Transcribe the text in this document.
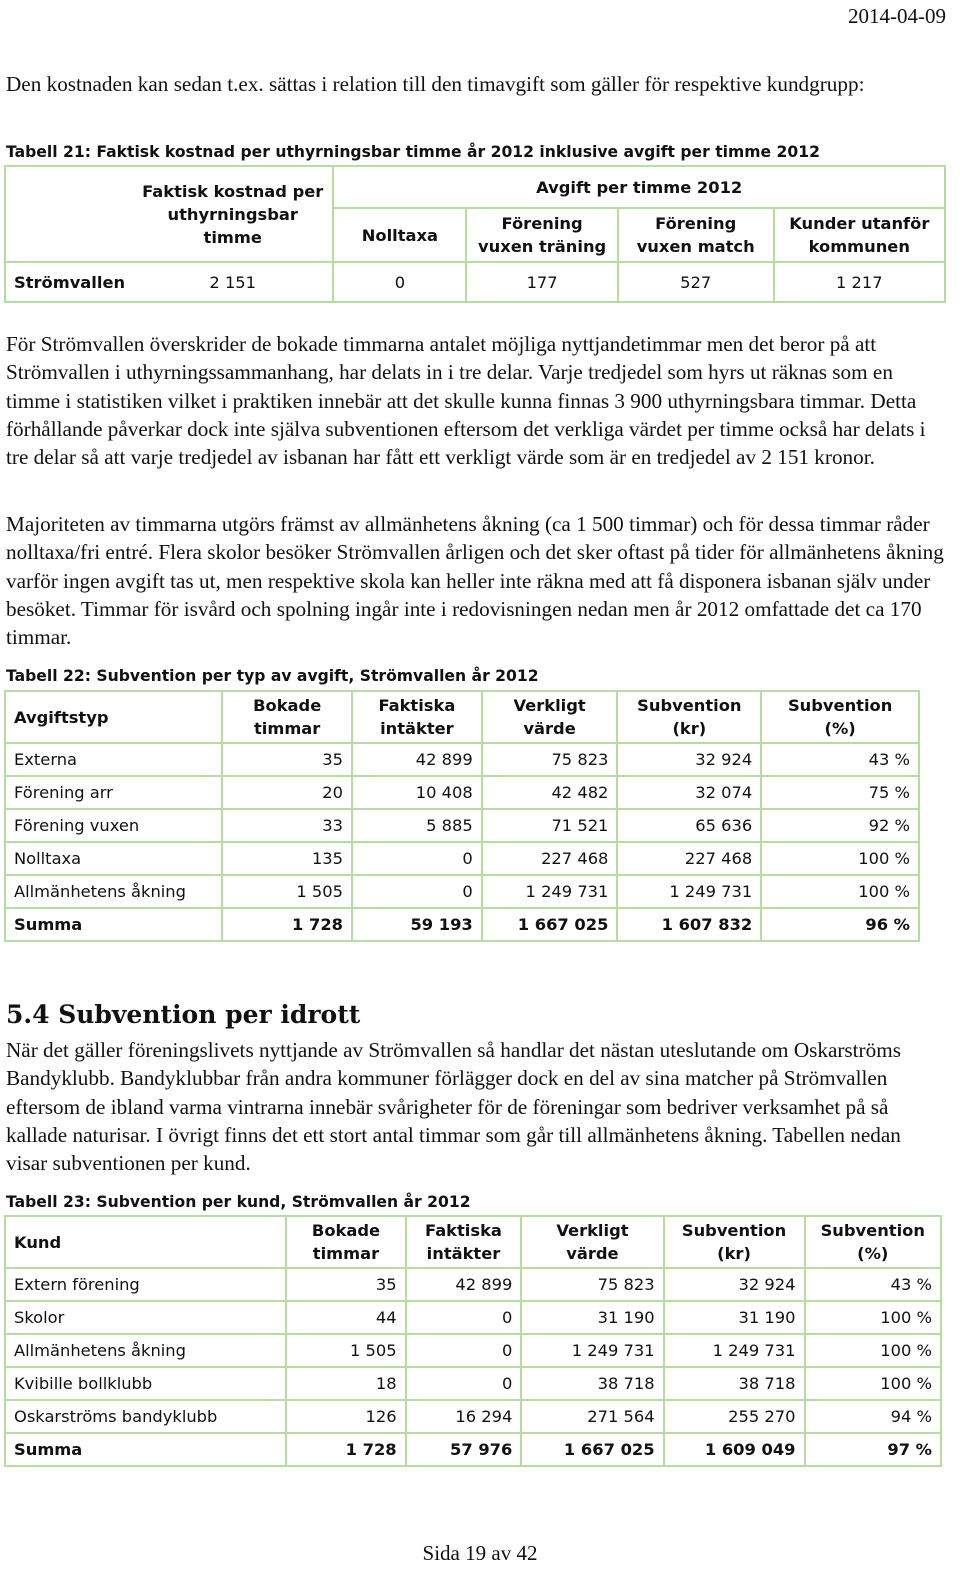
2014-04-09

Den kostnaden kan sedan t.ex. sättas i relation till den timavgift som gäller för respektive kundgrupp:

Tabell 21: Faktisk kostnad per uthyrningsbar timme år 2012 inklusive avgift per timme 2012

	Faktisk kostnad per uthyrningsbar timme	Avgift per timme 2012			
		Nolltaxa	Förening vuxen träning	Förening vuxen match	Kunder utanför kommunen
Strömvallen	2 151	0	177	527	1 217

För Strömvallen överskrider de bokade timmarna antalet möjliga nyttjandetimmar men det beror på att Strömvallen i uthyrningssammanhang, har delats in i tre delar. Varje tredjedel som hyrs ut räknas som en timme i statistiken vilket i praktiken innebär att det skulle kunna finnas 3 900 uthyrningsbara timmar. Detta förhållande påverkar dock inte själva subventionen eftersom det verkliga värdet per timme också har delats i tre delar så att varje tredjedel av isbanan har fått ett verkligt värde som är en tredjedel av 2 151 kronor.

Majoriteten av timmarna utgörs främst av allmänhetens åkning (ca 1 500 timmar) och för dessa timmar råder nolltaxa/fri entré. Flera skolor besöker Strömvallen årligen och det sker oftast på tider för allmänhetens åkning varför ingen avgift tas ut, men respektive skola kan heller inte räkna med att få disponera isbanan själv under besöket. Timmar för isvård och spolning ingår inte i redovisningen nedan men år 2012 omfattade det ca 170 timmar.

Tabell 22: Subvention per typ av avgift, Strömvallen år 2012

Avgiftstyp	Bokade timmar	Faktiska intäkter	Verkligt värde	Subvention (kr)	Subvention (%)
Externa	35	42 899	75 823	32 924	43 %
Förening arr	20	10 408	42 482	32 074	75 %
Förening vuxen	33	5 885	71 521	65 636	92 %
Nolltaxa	135	0	227 468	227 468	100 %
Allmänhetens åkning	1 505	0	1 249 731	1 249 731	100 %
Summa	1 728	59 193	1 667 025	1 607 832	96 %
5.4 Subvention per idrott

När det gäller föreningslivets nyttjande av Strömvallen så handlar det nästan uteslutande om Oskarströms Bandyklubb. Bandyklubbar från andra kommuner förlägger dock en del av sina matcher på Strömvallen eftersom de ibland varma vintrarna innebär svårigheter för de föreningar som bedriver verksamhet på så kallade naturisar. I övrigt finns det ett stort antal timmar som går till allmänhetens åkning. Tabellen nedan visar subventionen per kund.

Tabell 23: Subvention per kund, Strömvallen år 2012

Kund	Bokade timmar	Faktiska intäkter	Verkligt värde	Subvention (kr)	Subvention (%)
Extern förening	35	42 899	75 823	32 924	43 %
Skolor	44	0	31 190	31 190	100 %
Allmänhetens åkning	1 505	0	1 249 731	1 249 731	100 %
Kvibille bollklubb	18	0	38 718	38 718	100 %
Oskarströms bandyklubb	126	16 294	271 564	255 270	94 %
Summa	1 728	57 976	1 667 025	1 609 049	97 %
Sida 19 av 42
